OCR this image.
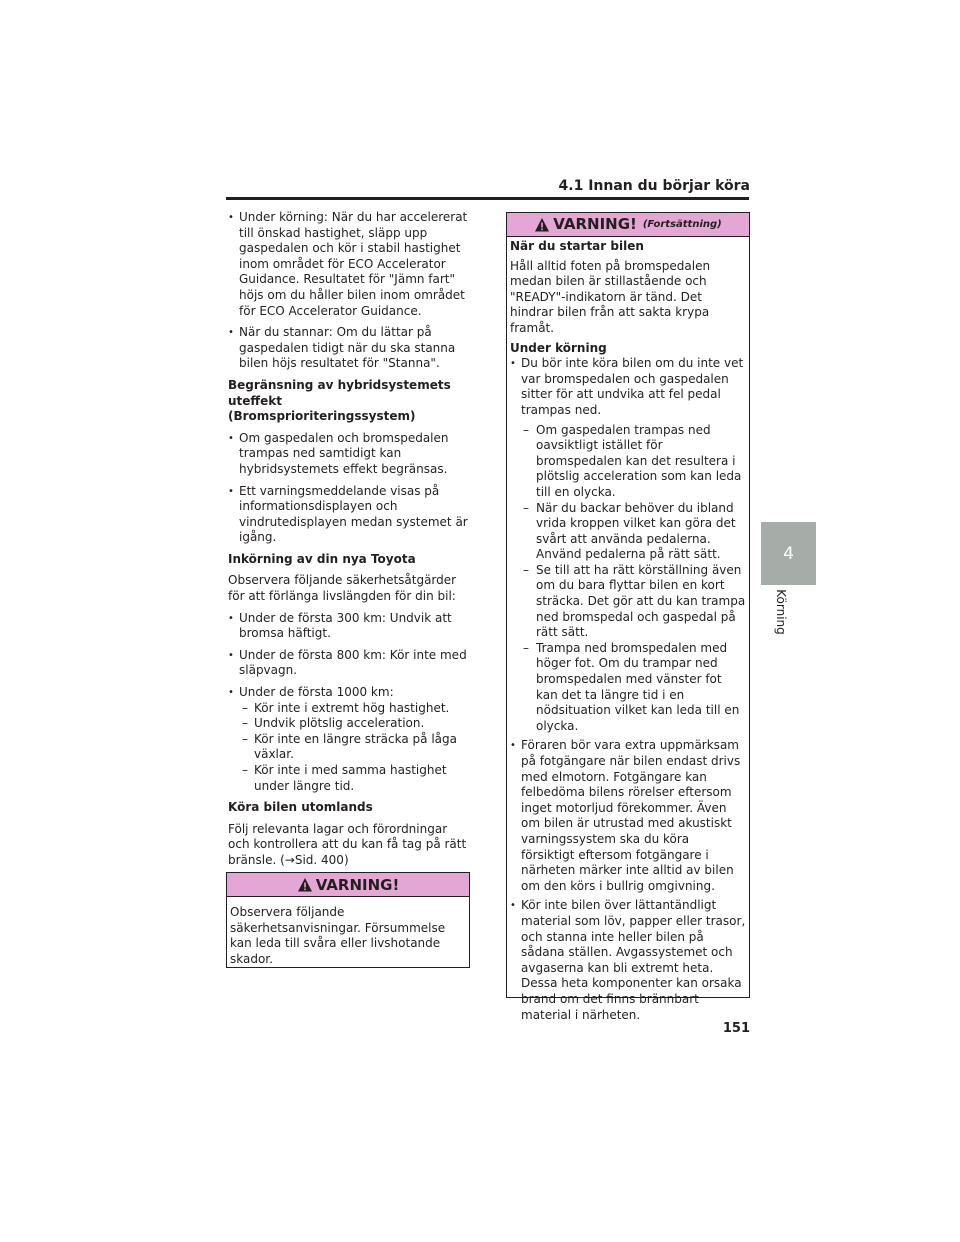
4.1 Innan du börjar köra
4
Körning
• Under körning: När du har accelererat till önskad hastighet, släpp upp gaspedalen och kör i stabil hastighet inom området för ECO Accelerator Guidance. Resultatet för "Jämn fart" höjs om du håller bilen inom området för ECO Accelerator Guidance.
• När du stannar: Om du lättar på gaspedalen tidigt när du ska stanna bilen höjs resultatet för "Stanna".
Begränsning av hybridsystemets uteffekt (Bromsprioriteringssystem)
• Om gaspedalen och bromspedalen trampas ned samtidigt kan hybridsystemets effekt begränsas.
• Ett varningsmeddelande visas på informationsdisplayen och vindrutedisplayen medan systemet är igång.
Inkörning av din nya Toyota
Observera följande säkerhetsåtgärder för att förlänga livslängden för din bil:
• Under de första 300 km: Undvik att bromsa häftigt.
• Under de första 800 km: Kör inte med släpvagn.
• Under de första 1000 km:
– Kör inte i extremt hög hastighet.
– Undvik plötslig acceleration.
– Kör inte en längre sträcka på låga växlar.
– Kör inte i med samma hastighet under längre tid.
Köra bilen utomlands
Följ relevanta lagar och förordningar och kontrollera att du kan få tag på rätt bränsle. (→Sid. 400)
VARNING!
Observera följande säkerhetsanvisningar. Försummelse kan leda till svåra eller livshotande skador.
VARNING! (Fortsättning)
När du startar bilen
Håll alltid foten på bromspedalen medan bilen är stillastående och "READY"-indikatorn är tänd. Det hindrar bilen från att sakta krypa framåt.
Under körning
• Du bör inte köra bilen om du inte vet var bromspedalen och gaspedalen sitter för att undvika att fel pedal trampas ned.
– Om gaspedalen trampas ned oavsiktligt istället för bromspedalen kan det resultera i plötslig acceleration som kan leda till en olycka.
– När du backar behöver du ibland vrida kroppen vilket kan göra det svårt att använda pedalerna. Använd pedalerna på rätt sätt.
– Se till att ha rätt körställning även om du bara flyttar bilen en kort sträcka. Det gör att du kan trampa ned bromspedal och gaspedal på rätt sätt.
– Trampa ned bromspedalen med höger fot. Om du trampar ned bromspedalen med vänster fot kan det ta längre tid i en nödsituation vilket kan leda till en olycka.
• Föraren bör vara extra uppmärksam på fotgängare när bilen endast drivs med elmotorn. Fotgängare kan felbedöma bilens rörelser eftersom inget motorljud förekommer. Även om bilen är utrustad med akustiskt varningssystem ska du köra försiktigt eftersom fotgängare i närheten märker inte alltid av bilen om den körs i bullrig omgivning.
• Kör inte bilen över lättantändligt material som löv, papper eller trasor, och stanna inte heller bilen på sådana ställen. Avgassystemet och avgaserna kan bli extremt heta. Dessa heta komponenter kan orsaka brand om det finns brännbart material i närheten.
151
